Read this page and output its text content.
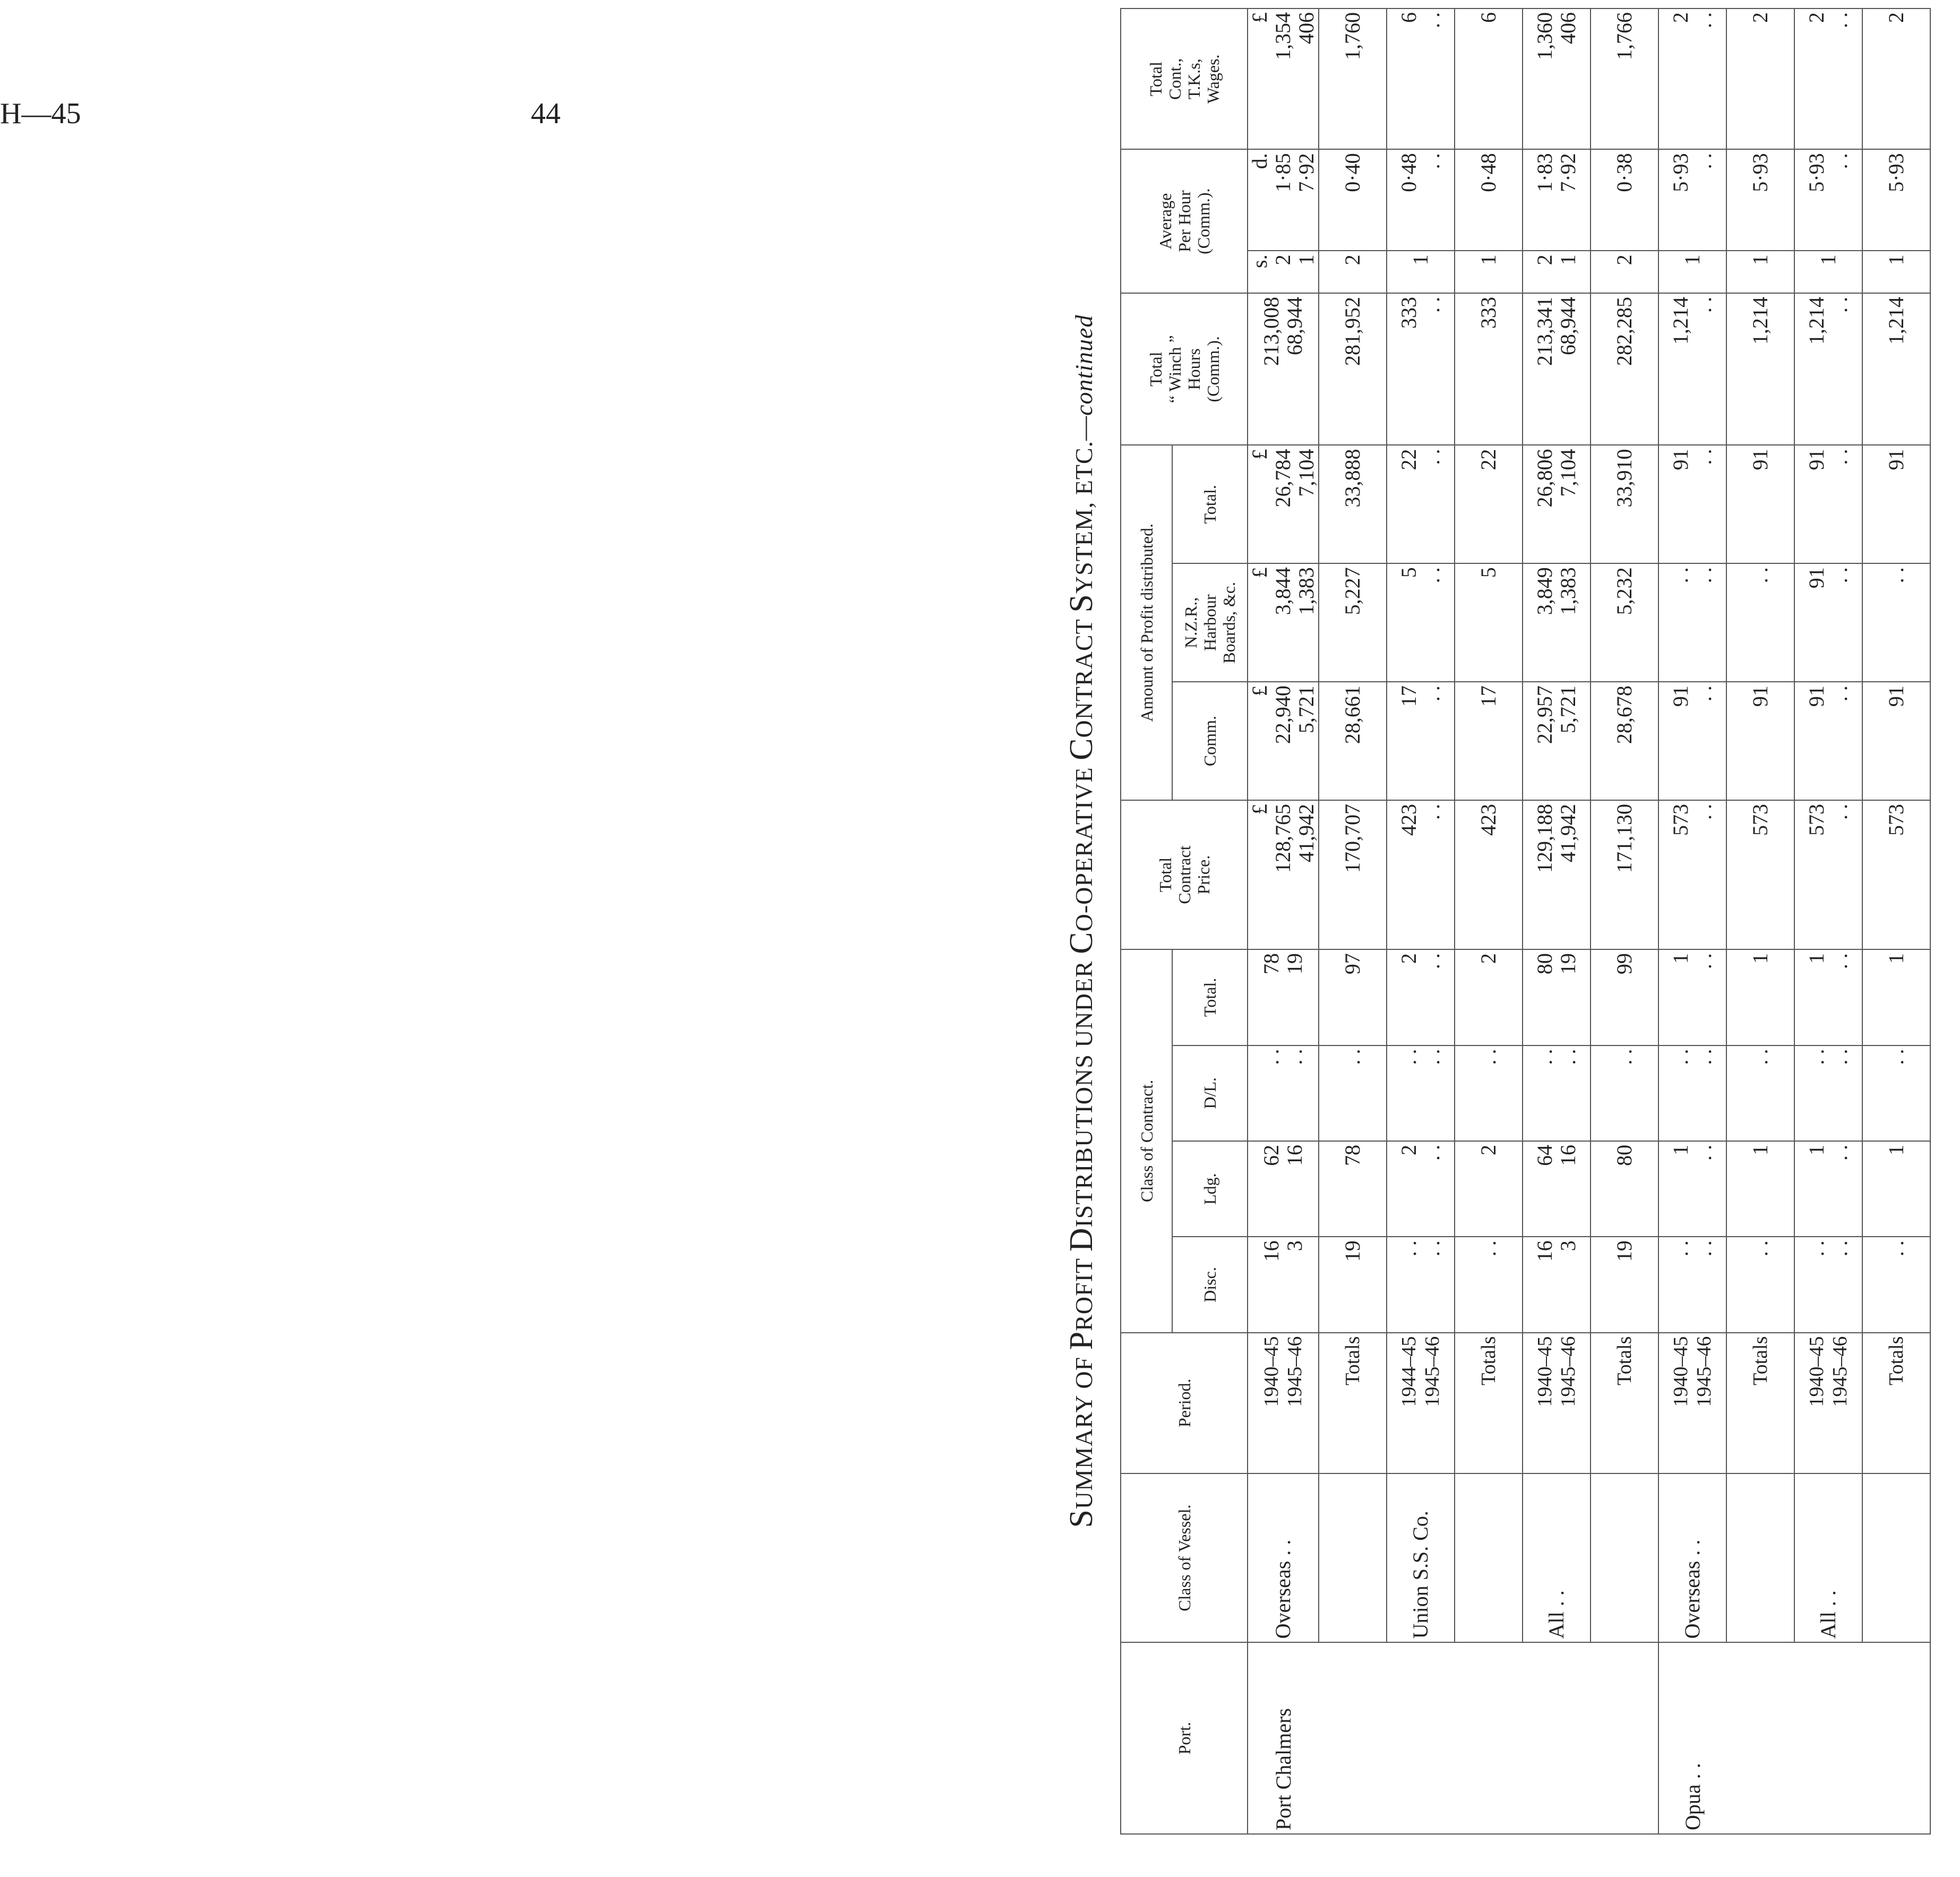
H—45	44
SUMMARY OF PROFIT DISTRIBUTIONS UNDER CO-OPERATIVE CONTRACT SYSTEM, ETC.—continued
Port.	Class of Vessel.	Period.	Class of Contract.				Total Contract Price.	Amount of Profit distributed.			Total “ Winch ” Hours (Comm.).	Average Per Hour (Comm.).		Total Cont., T.K.s, Wages.

			Disc.	Ldg.	D/L.	Total.		Comm.	N.Z.R., Harbour Boards, &c.	Total.				
Port Chalmers	Overseas . .	1940–45 1945–46	16 3	62 16	. . . .	78 19	£ 128,765 41,942	£ 22,940 5,721	£ 3,844 1,383	£ 26,784 7,104	213,008 68,944	s. 2 1	d. 1·85 7·92	£ 1,354 406

		Totals	19	78	. .	97	170,707	28,661	5,227	33,888	281,952	2	0·40	1,760
	Union S.S. Co.	1944–45 1945–46	. . . .	2 . .	. . . .	2 . .	423 . .	17 . .	5 . .	22 . .	333 . .	1	0·48 . .	6 . .

		Totals	. .	2	. .	2	423	17	5	22	333	1	0·48	6
	All . .	1940–45 1945–46	16 3	64 16	. . . .	80 19	129,188 41,942	22,957 5,721	3,849 1,383	26,806 7,104	213,341 68,944	2 1	1·83 7·92	1,360 406

		Totals	19	80	. .	99	171,130	28,678	5,232	33,910	282,285	2	0·38	1,766
Opua . .	Overseas . .	1940–45 1945–46	. . . .	1 . .	. . . .	1 . .	573 . .	91 . .	. . . .	91 . .	1,214 . .	1	5·93 . .	2 . .

		Totals	. .	1	. .	1	573	91	. .	91	1,214	1	5·93	2
	All . .	1940–45 1945–46	. . . .	1 . .	. . . .	1 . .	573 . .	91 . .	91 . .	91 . .	1,214 . .	1	5·93 . .	2 . .

		Totals	. .	1	. .	1	573	91	. .	91	1,214	1	5·93	2
